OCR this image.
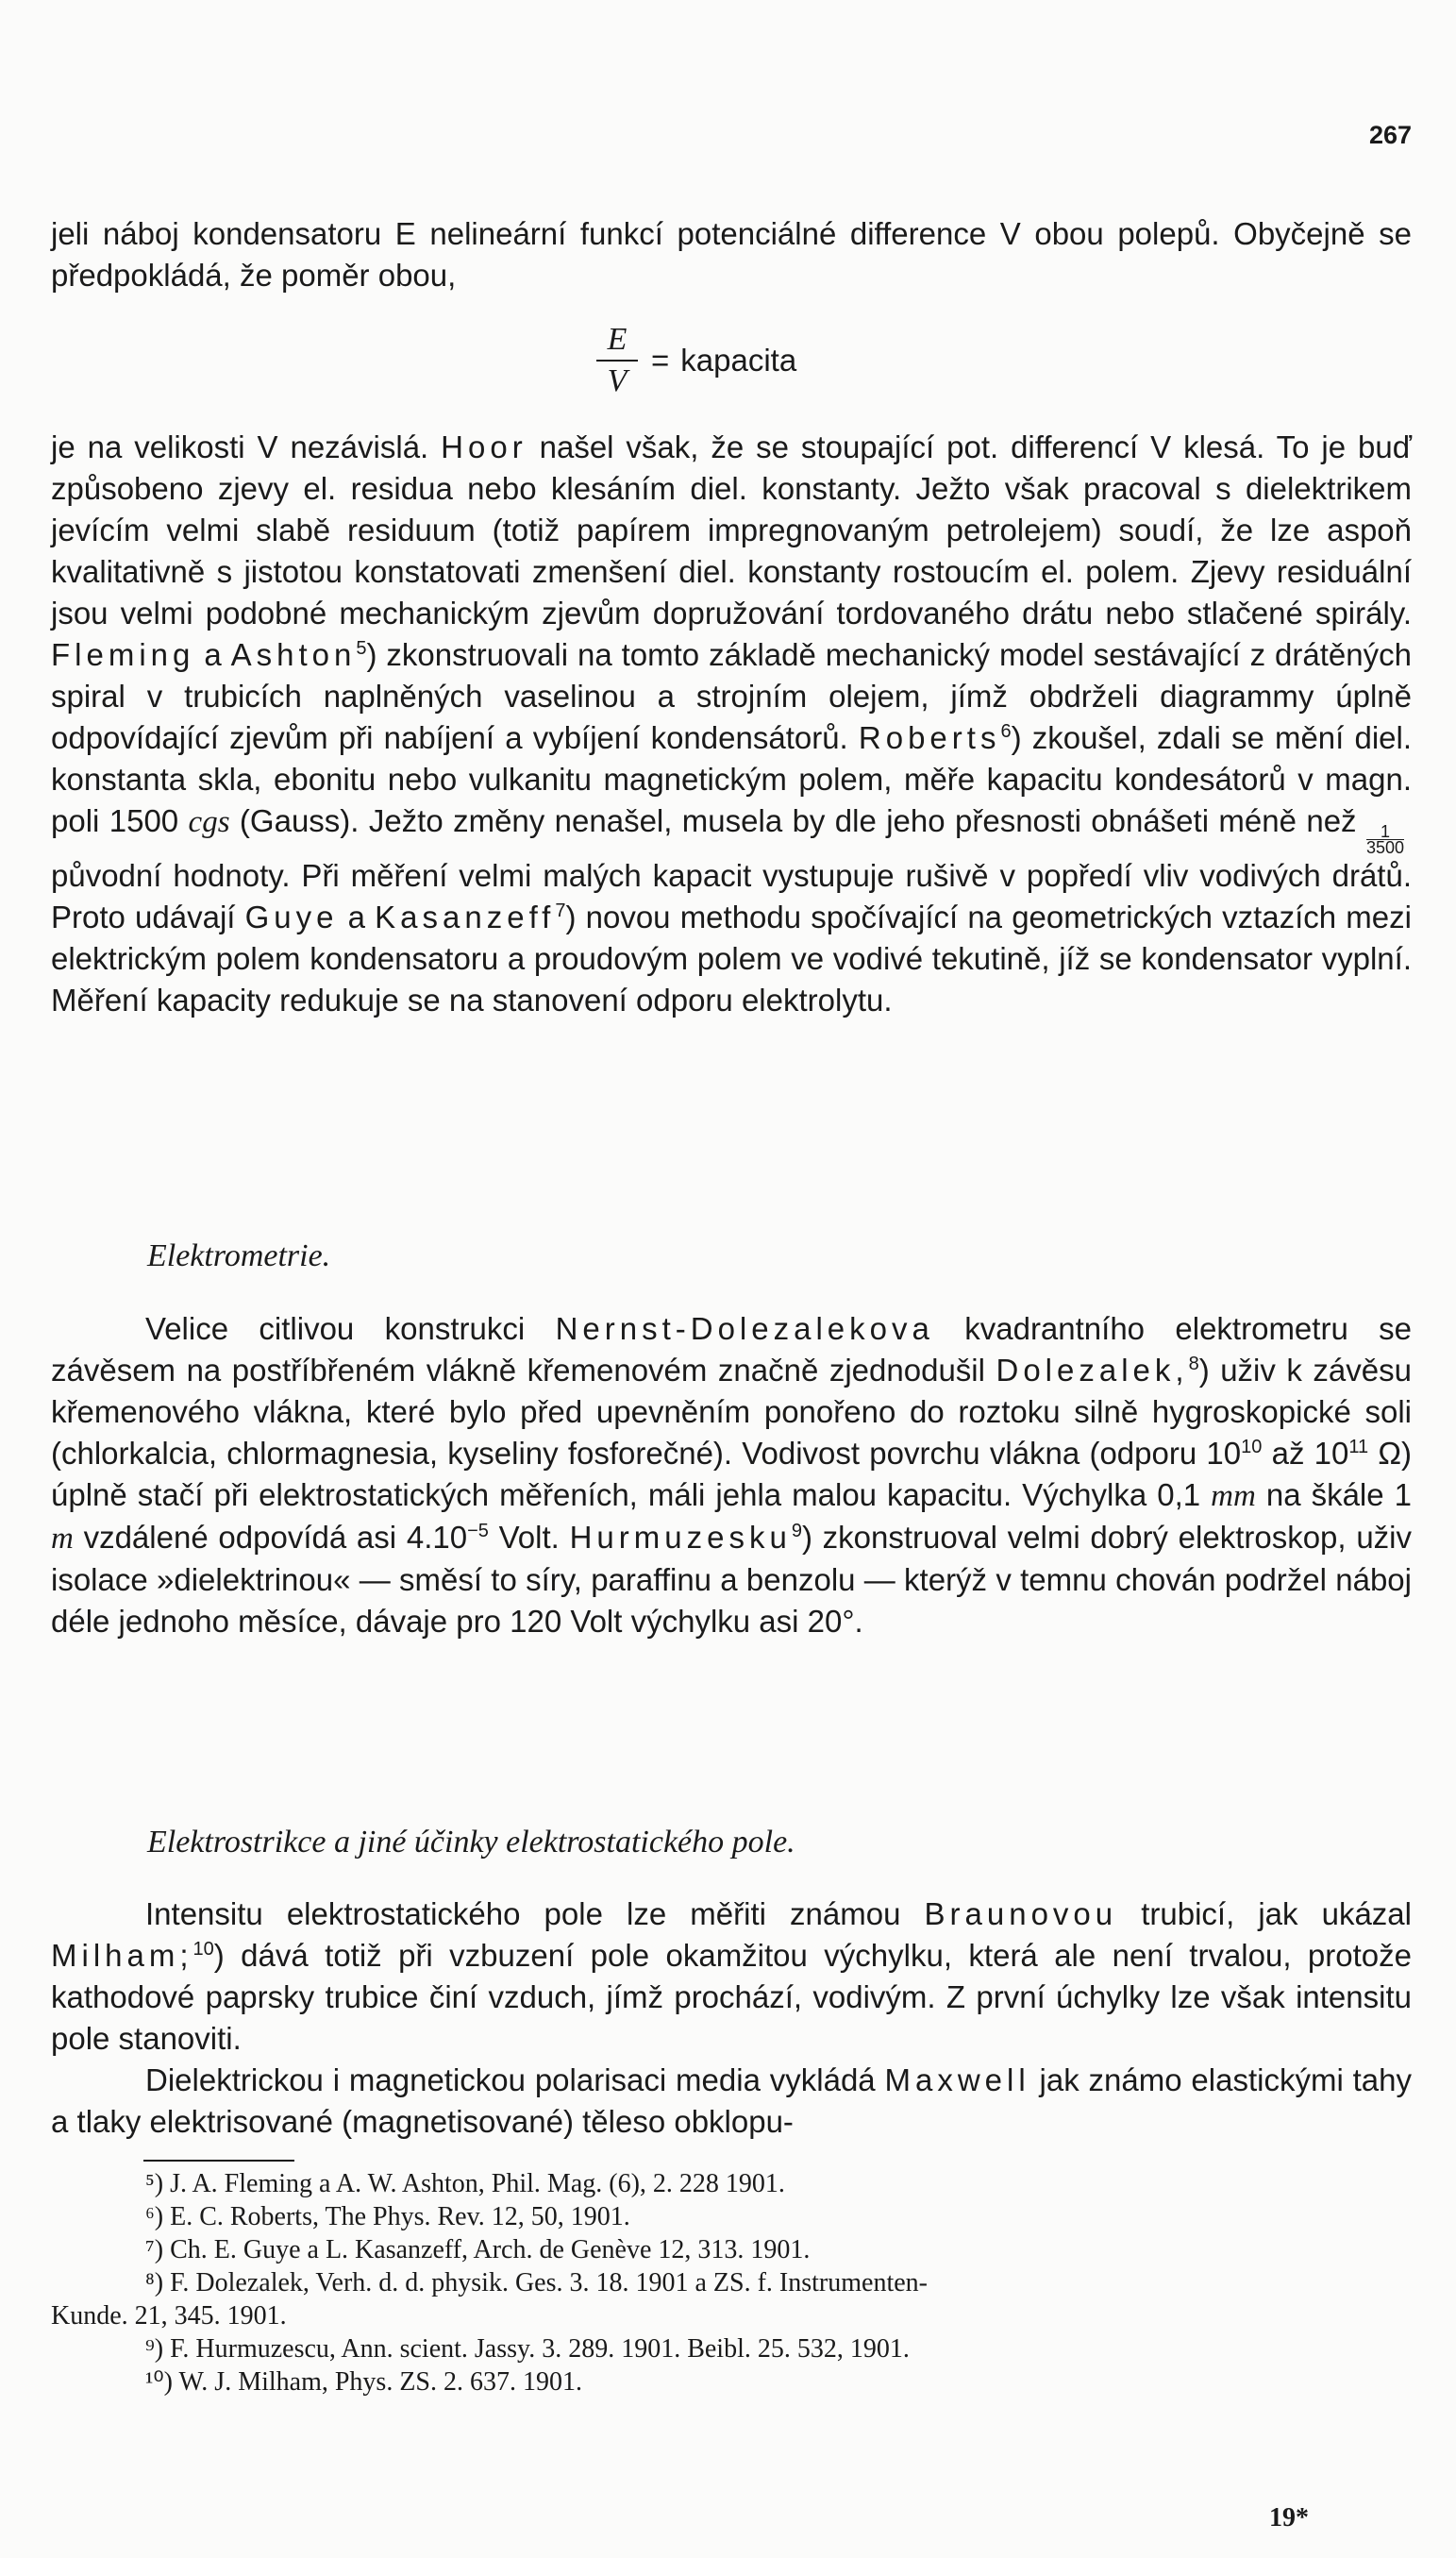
267

jeli náboj kondensatoru E nelineární funkcí potenciálné difference V obou polepů. Obyčejně se předpokládá, že poměr obou,

$\frac{E}{V}$ = kapacita

je na velikosti V nezávislá. Hoor našel však, že se stoupající pot. differencí V klesá. To je buď způsobeno zjevy el. residua nebo klesáním diel. konstanty. Ježto však pracoval s dielektrikem jevícím velmi slabě residuum (totiž papírem impregnovaným petrolejem) soudí, že lze aspoň kvalitativně s jistotou konstatovati zmenšení diel. konstanty rostoucím el. polem. Zjevy residuální jsou velmi podobné mechanickým zjevům dopružování tordovaného drátu nebo stlačené spirály. Fleming a Ashton$^5$) zkonstruovali na tomto základě mechanický model sestávající z drátěných spiral v trubicích naplněných vaselinou a strojním olejem, jímž obdrželi diagrammy úplně odpovídající zjevům při nabíjení a vybíjení kondensátorů. Roberts$^6$) zkoušel, zdali se mění diel. konstanta skla, ebonitu nebo vulkanitu magnetickým polem, měře kapacitu kondesátorů v magn. poli 1500 cgs (Gauss). Ježto změny nenašel, musela by dle jeho přesnosti obnášeti méně než
$\frac{1}{3500}$
původní hodnoty. Při měření velmi malých kapacit vystupuje rušivě v popředí vliv vodivých drátů. Proto udávají Guye a Kasanzeff$^7$) novou methodu spočívající na geometrických vztazích mezi elektrickým polem kondensatoru a proudovým polem ve vodivé tekutině, jíž se kondensator vyplní. Měření kapacity redukuje se na stanovení odporu elektrolytu.

Elektrometrie.

Velice citlivou konstrukci Nernst-Dolezalekova kvadrantního elektrometru se závěsem na postříbřeném vlákně křemenovém značně zjednodušil Dolezalek,$^8$) uživ k závěsu křemenového vlákna, které bylo před upevněním ponořeno do roztoku silně hygroskopické soli (chlorkalcia, chlormagnesia, kyseliny fosforečné). Vodivost povrchu vlákna (odporu $10^{10}$ až $10^{11}$ Ω) úplně stačí při elektrostatických měřeních, máli jehla malou kapacitu. Výchylka 0,1 mm na škále 1 m vzdálené odpovídá asi $4.10^{-5}$ Volt. Hurmuzesku$^9$) zkonstruoval velmi dobrý elektroskop, uživ isolace »dielektrinou« — směsí to síry, paraffinu a benzolu — kterýž v temnu chován podržel náboj déle jednoho měsíce, dávaje pro 120 Volt výchylku asi 20°.

Elektrostrikce a jiné účinky elektrostatického pole.

Intensitu elektrostatického pole lze měřiti známou Braunovou trubicí, jak ukázal Milham;$^{10}$) dává totiž při vzbuzení pole okamžitou výchylku, která ale není trvalou, protože kathodové paprsky trubice činí vzduch, jímž prochází, vodivým. Z první úchylky lze však intensitu pole stanoviti.

Dielektrickou i magnetickou polarisaci media vykládá Maxwell jak známo elastickými tahy a tlaky elektrisované (magnetisované) těleso obklopu-

⁵) J. A. Fleming a A. W. Ashton, Phil. Mag. (6), 2. 228 1901.

⁶) E. C. Roberts, The Phys. Rev. 12, 50, 1901.

⁷) Ch. E. Guye a L. Kasanzeff, Arch. de Genève 12, 313. 1901.

⁸) F. Dolezalek, Verh. d. d. physik. Ges. 3. 18. 1901 a ZS. f. Instrumenten-

Kunde. 21, 345. 1901.

⁹) F. Hurmuzescu, Ann. scient. Jassy. 3. 289. 1901. Beibl. 25. 532, 1901.

¹⁰) W. J. Milham, Phys. ZS. 2. 637. 1901.

19*
